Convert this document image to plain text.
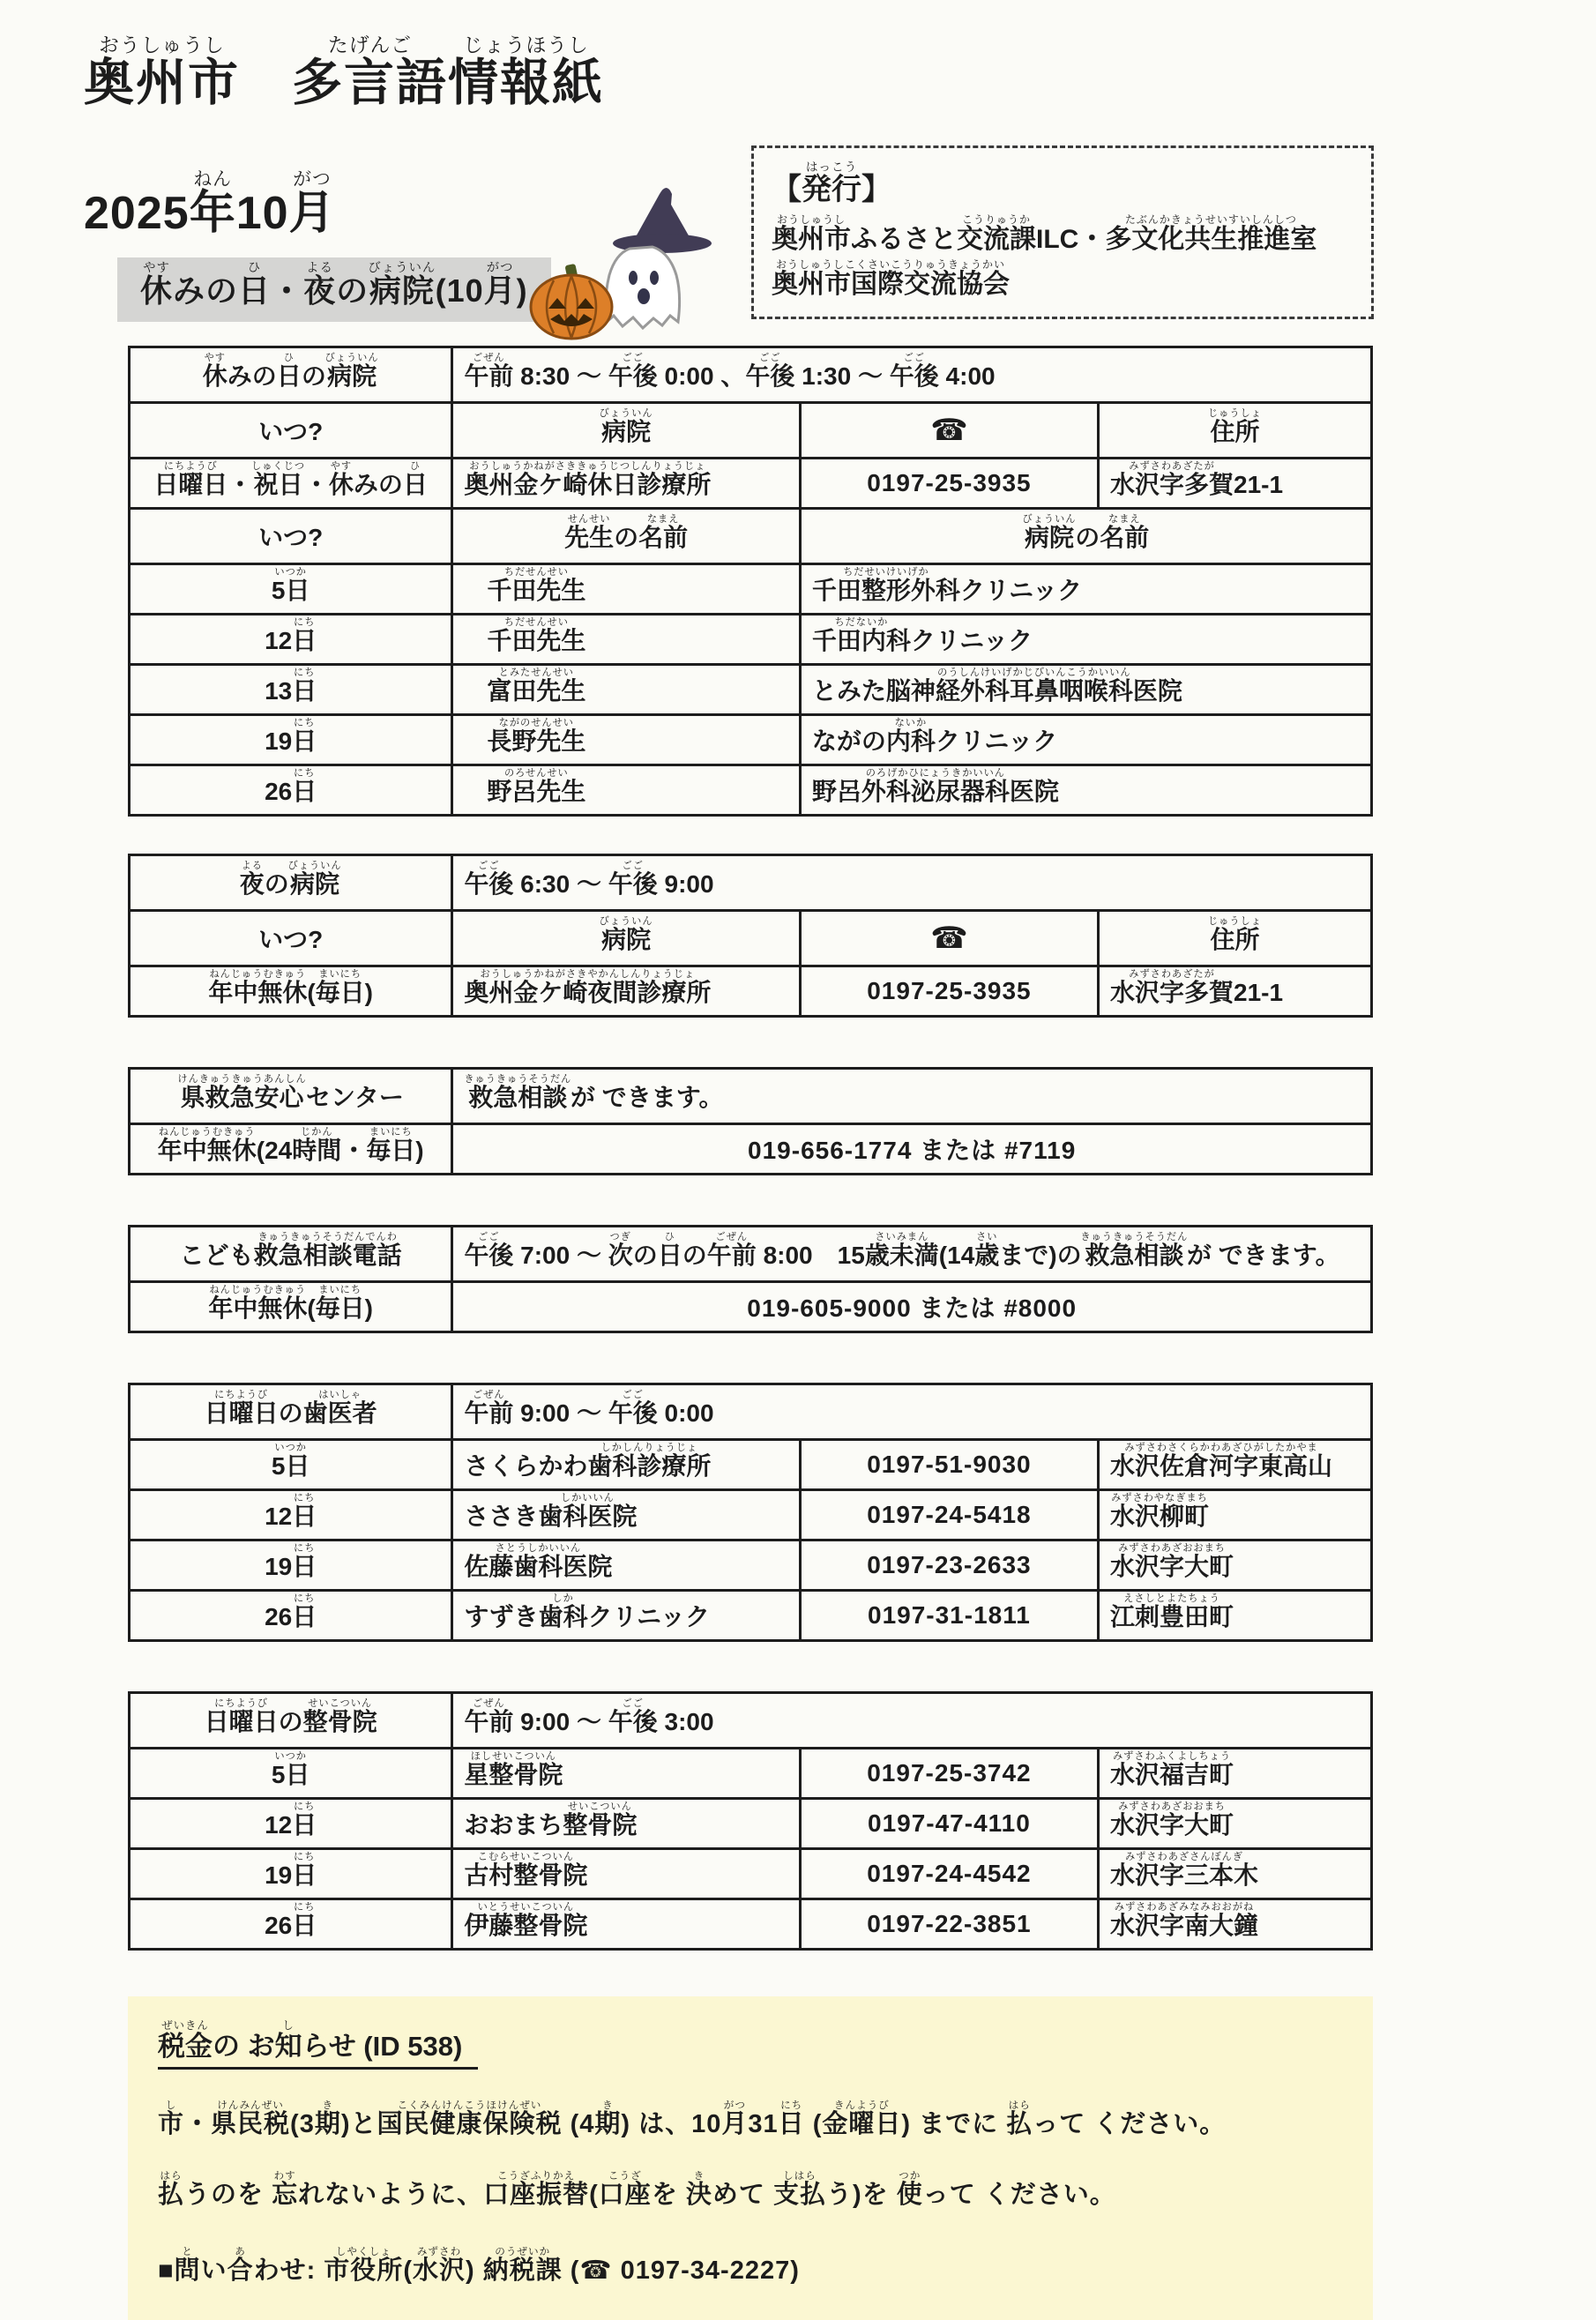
奥州市おうしゅうし　多言語たげんご情報紙じょうほうし
2025年ねん10月がつ
休やすみの日ひ・夜よるの病院びょういん(10月がつ)
【発行はっこう】
奥州市おうしゅうしふるさと交流課こうりゅうかILC・多文化共生推進室たぶんかきょうせいすいしんしつ
奥州市国際交流協会おうしゅうしこくさいこうりゅうきょうかい
休やすみの日ひの病院びょういん	午前ごぜん 8:30 ～ 午後ごご 0:00 、午後ごご 1:30 ～ 午後ごご 4:00		
いつ?	病院びょういん	☎	住所じゅうしょ
日曜日にちようび・祝日しゅくじつ・休やすみの日ひ	奥州金ケ崎休日診療所おうしゅうかねがさききゅうじつしんりょうじょ	0197-25-3935	水沢字多賀みずさわあざたが21-1
いつ?	先生せんせいの名前なまえ	病院びょういんの名前なまえ	
5日いつか	千田先生ちだせんせい	千田整形外科ちだせいけいげかクリニック	
12日にち	千田先生ちだせんせい	千田内科ちだないかクリニック	
13日にち	富田先生とみたせんせい	とみた脳神経外科耳鼻咽喉科医院のうしんけいげかじびいんこうかいいん	
19日にち	長野先生ながのせんせい	ながの内科ないかクリニック	
26日にち	野呂先生のろせんせい	野呂外科泌尿器科医院のろげかひにょうきかいいん	
夜よるの病院びょういん	午後ごご 6:30 ～ 午後ごご 9:00		
いつ?	病院びょういん	☎	住所じゅうしょ
年中無休ねんじゅうむきゅう(毎日まいにち)	奥州金ケ崎夜間診療所おうしゅうかねがさきやかんしんりょうじょ	0197-25-3935	水沢字多賀みずさわあざたが21-1
県救急安心けんきゅうきゅうあんしんセンター	救急相談きゅうきゅうそうだんが できます。
年中無休ねんじゅうむきゅう(24時間じかん・毎日まいにち)	019-656-1774 または #7119
こども救急相談電話きゅうきゅうそうだんでんわ	午後ごご 7:00 ～ 次つぎの日ひの午前ごぜん 8:00　15歳未満さいみまん(14歳さいまで)の救急相談きゅうきゅうそうだんが できます。
年中無休ねんじゅうむきゅう(毎日まいにち)	019-605-9000 または #8000
日曜日にちようびの歯医者はいしゃ	午前ごぜん 9:00 ～ 午後ごご 0:00		
5日いつか	さくらかわ歯科診療所しかしんりょうじょ	0197-51-9030	水沢佐倉河字東高山みずさわさくらかわあざひがしたかやま
12日にち	ささき歯科医院しかいいん	0197-24-5418	水沢柳町みずさわやなぎまち
19日にち	佐藤歯科医院さとうしかいいん	0197-23-2633	水沢字大町みずさわあざおおまち
26日にち	すずき歯科しかクリニック	0197-31-1811	江刺豊田町えさしとよたちょう
日曜日にちようびの整骨院せいこついん	午前ごぜん 9:00 ～ 午後ごご 3:00		
5日いつか	星整骨院ほしせいこついん	0197-25-3742	水沢福吉町みずさわふくよしちょう
12日にち	おおまち整骨院せいこついん	0197-47-4110	水沢字大町みずさわあざおおまち
19日にち	古村整骨院こむらせいこついん	0197-24-4542	水沢字三本木みずさわあざさんぼんぎ
26日にち	伊藤整骨院いとうせいこついん	0197-22-3851	水沢字南大鐘みずさわあざみなみおおがね
税金ぜいきんの お知しらせ (ID 538)
市し・県民税けんみんぜい(3期き)と国民健康保険税こくみんけんこうほけんぜい (4期き) は、10月がつ31日にち (金曜日きんようび) までに 払はらって ください。
払はらうのを 忘わすれないように、口座振替こうざふりかえ(口座こうざを 決きめて 支払しはらう)を 使つかって ください。
■問とい合あわせ: 市役所しやくしょ(水沢みずさわ) 納税課のうぜいか (☎ 0197-34-2227)
